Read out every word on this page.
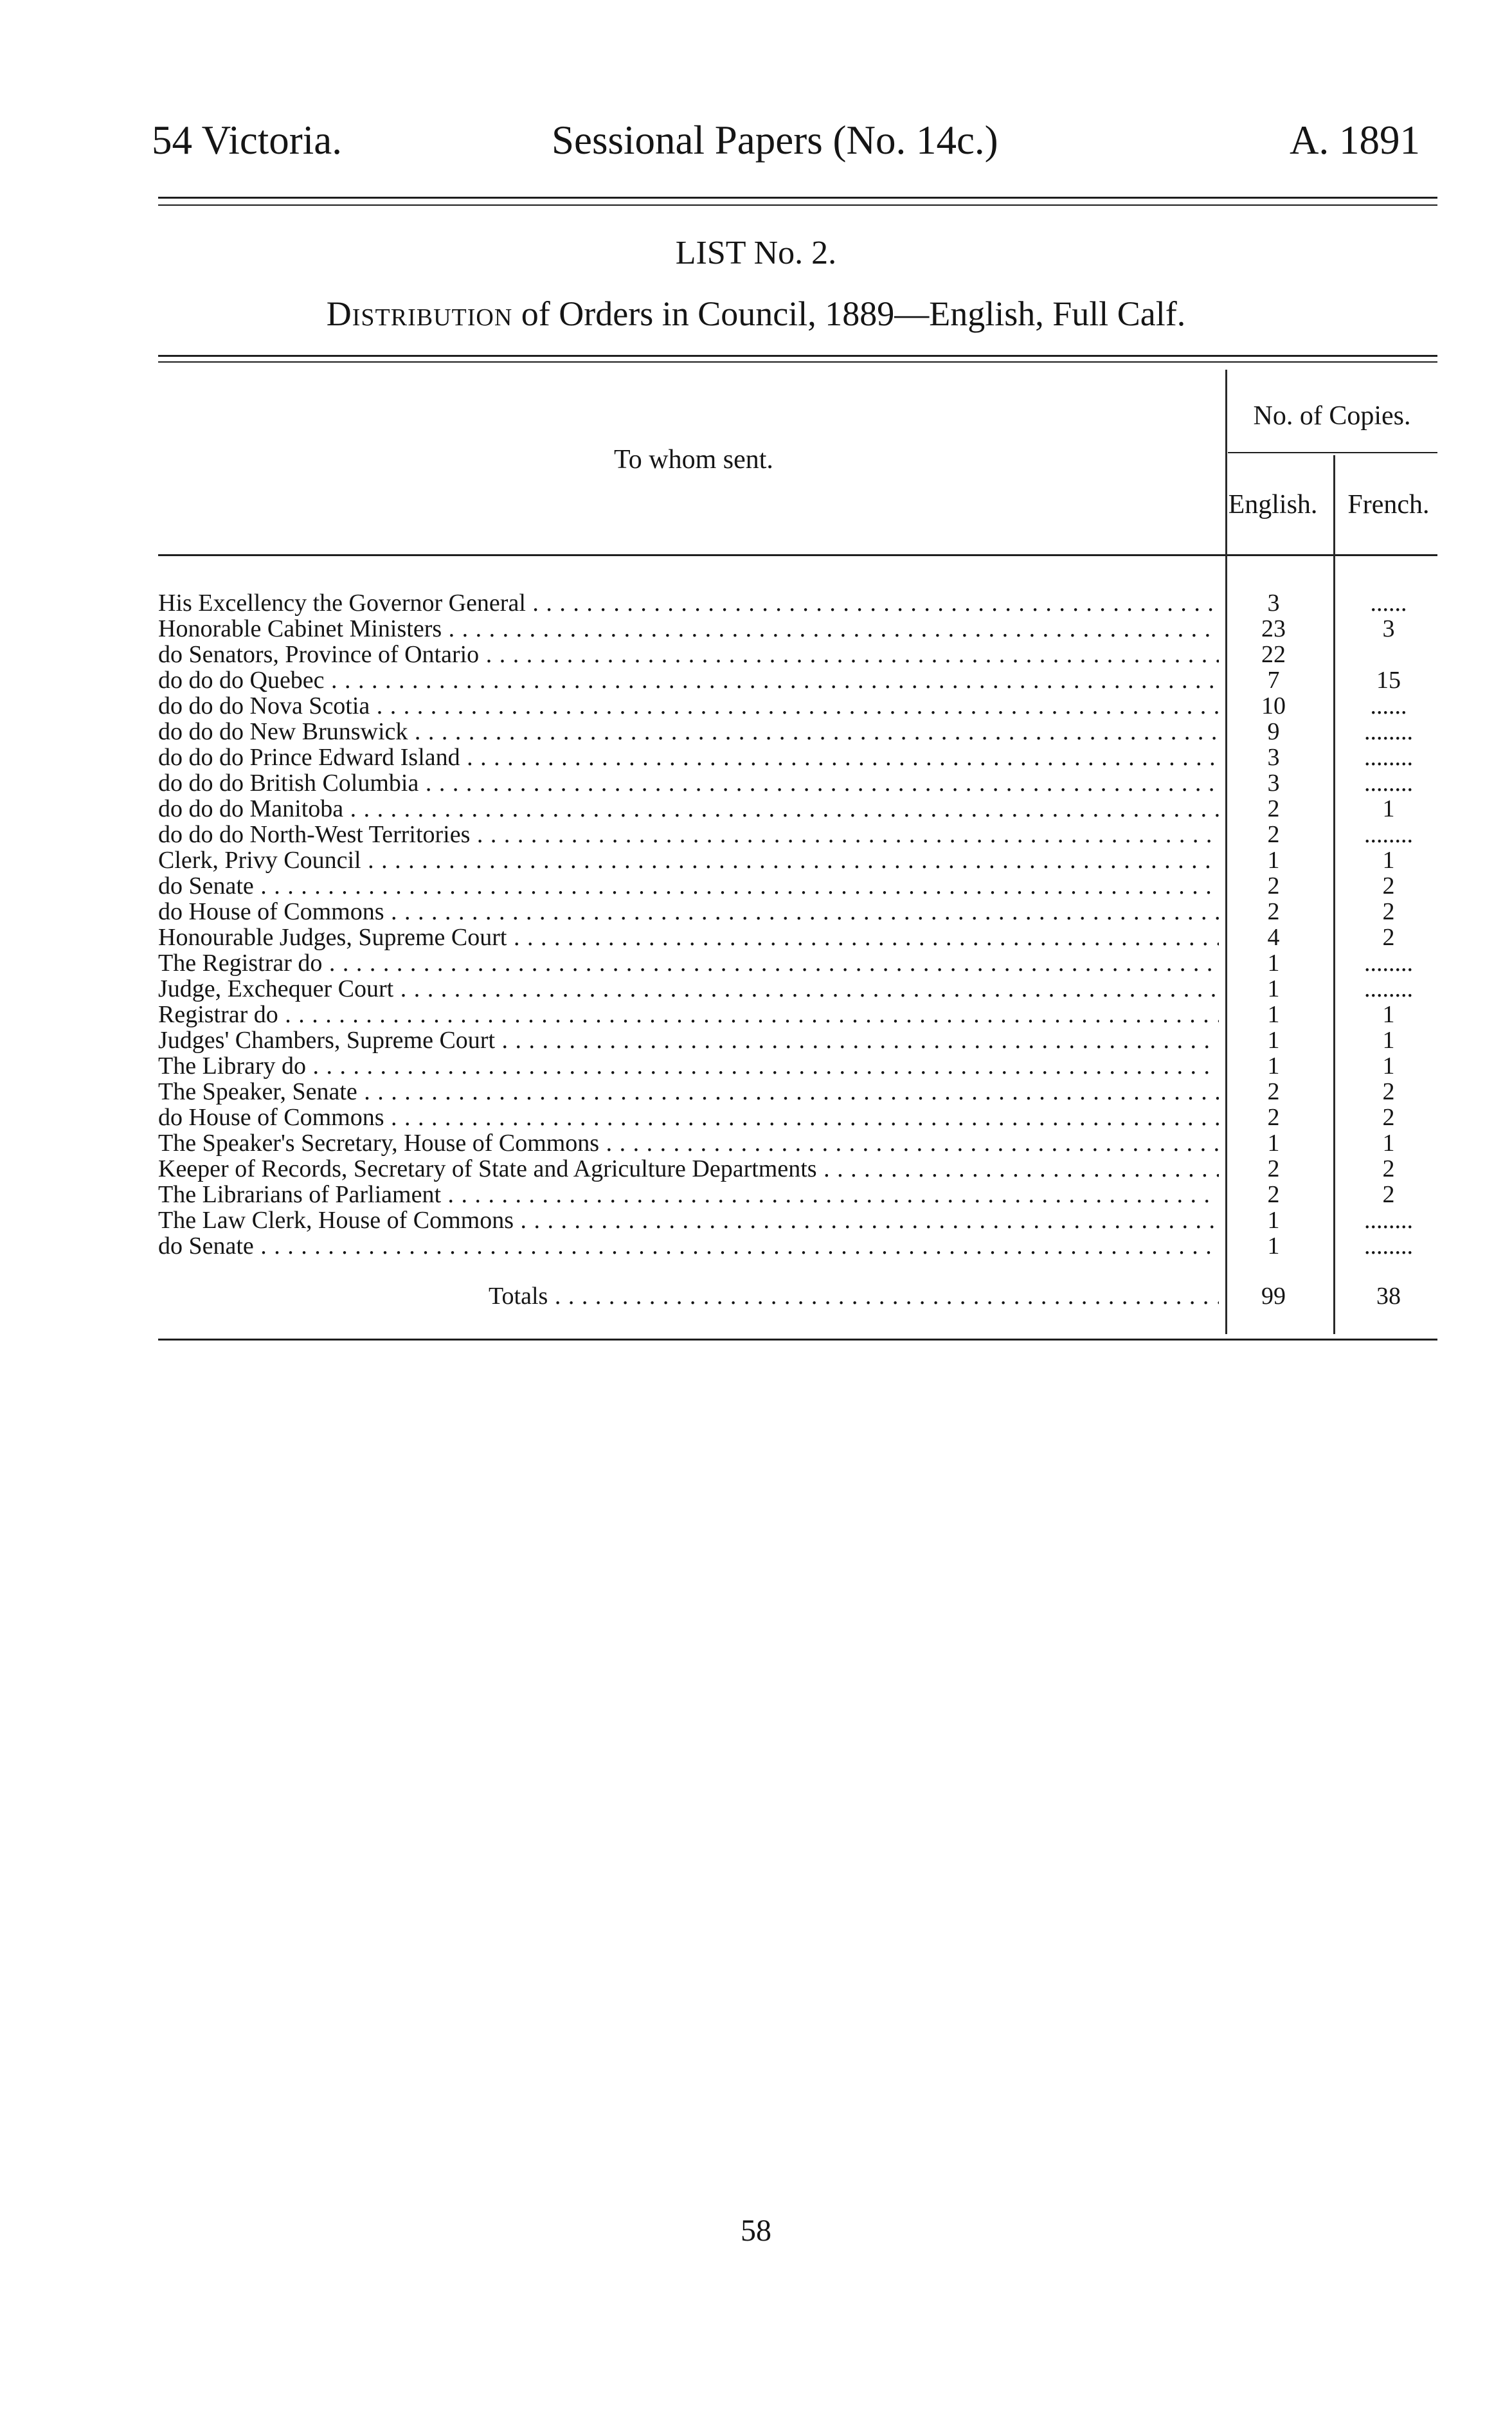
54 Victoria.	Sessional Papers (No. 14c.)	A. 1891
LIST No. 2.
Distribution of Orders in Council, 1889—English, Full Calf.
To whom sent.
No. of Copies.
English.	French.
His Excellency the Governor General . . .	3	......
Honorable Cabinet Ministers . . .	23	3
do Senators, Province of Ontario . . .	22
do do do Quebec . . .	7	15
do do do Nova Scotia . . .	10	......
do do do New Brunswick . . .	9	........
do do do Prince Edward Island . . .	3	........
do do do British Columbia . . .	3	........
do do do Manitoba . . .	2	1
do do do North-West Territories . . .	2	........
Clerk, Privy Council . . .	1	1
do Senate . . .	2	2
do House of Commons . . .	2	2
Honourable Judges, Supreme Court . . .	4	2
The Registrar do . . .	1	........
Judge, Exchequer Court . . .	1	........
Registrar do . . .	1	1
Judges' Chambers, Supreme Court . . .	1	1
The Library do . . .	1	1
The Speaker, Senate . . .	2	2
do House of Commons . . .	2	2
The Speaker's Secretary, House of Commons . . .	1	1
Keeper of Records, Secretary of State and Agriculture Departments . . .	2	2
The Librarians of Parliament . . .	2	2
The Law Clerk, House of Commons . . .	1	........
do Senate . . .	1	........
Totals . . .	99	38
58
